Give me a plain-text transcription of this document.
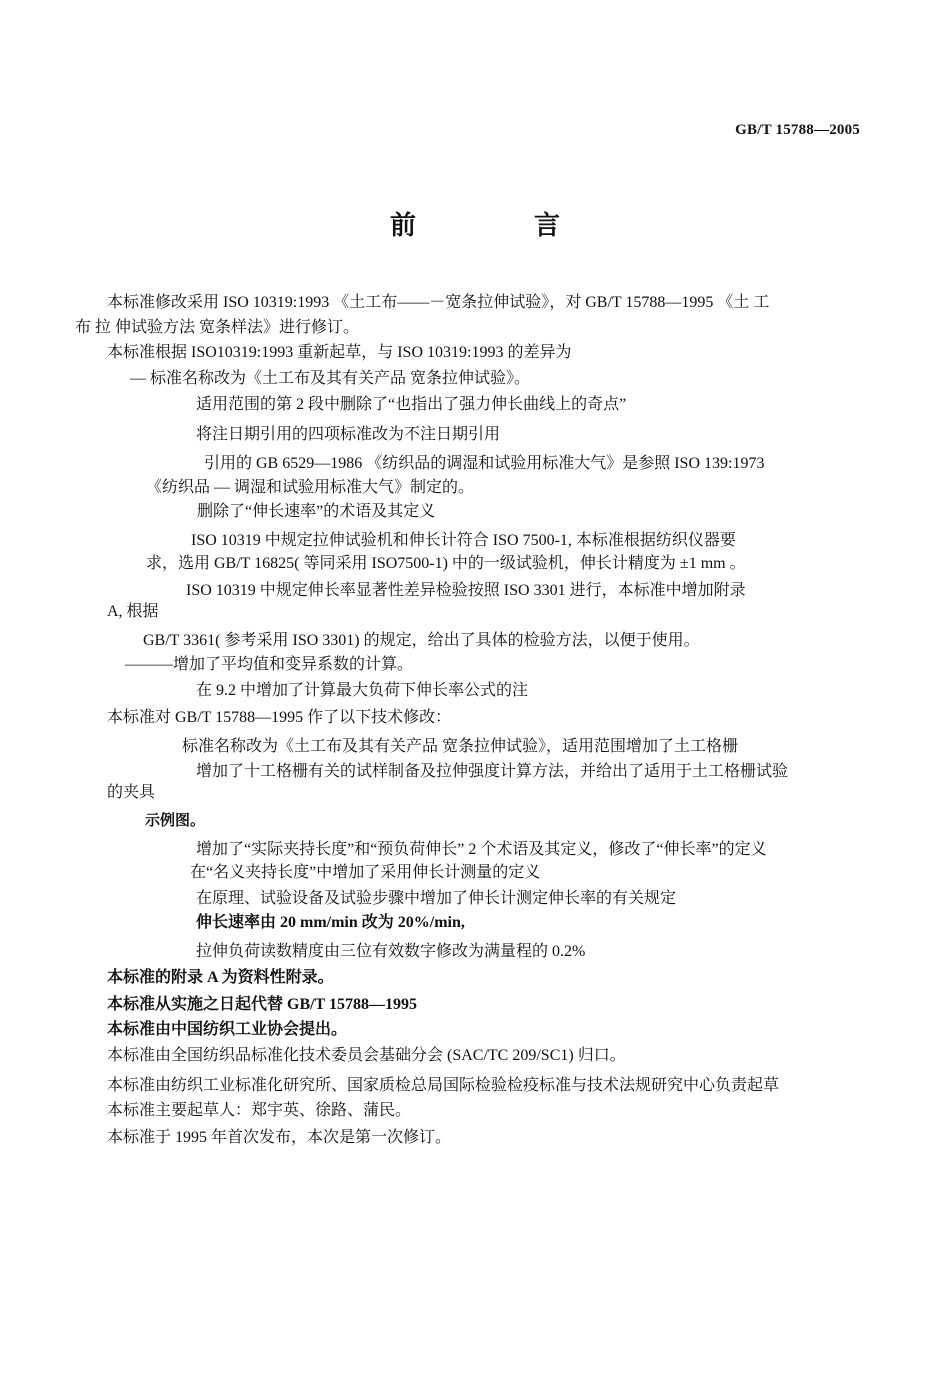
GB/T 15788—2005
前　言
本标准修改采用 ISO 10319:1993 《土工布——－宽条拉伸试验》，对 GB/T 15788—1995 《土 工
布 拉 伸试验方法 宽条样法》进行修订。
本标准根据 ISO10319:1993 重新起草，与 ISO 10319:1993 的差异为
— 标准名称改为《土工布及其有关产品 宽条拉伸试验》。
适用范围的第 2 段中删除了“也指出了强力伸长曲线上的奇点”
将注日期引用的四项标准改为不注日期引用
引用的 GB 6529—1986 《纺织品的调湿和试验用标准大气》是参照 ISO 139:1973
《纺织品 — 调湿和试验用标准大气》制定的。
删除了“伸长速率”的术语及其定义
ISO 10319 中规定拉伸试验机和伸长计符合 ISO 7500-1, 本标准根据纺织仪器要
求，选用 GB/T 16825( 等同采用 ISO7500-1) 中的一级试验机，伸长计精度为 ±1 mm 。
ISO 10319 中规定伸长率显著性差异检验按照 ISO 3301 进行，本标准中增加附录
A, 根据
GB/T 3361( 参考采用 ISO 3301) 的规定，给出了具体的检验方法，以便于使用。
———增加了平均值和变异系数的计算。
在 9.2 中增加了计算最大负荷下伸长率公式的注
本标准对 GB/T 15788—1995 作了以下技术修改：
标准名称改为《土工布及其有关产品 宽条拉伸试验》，适用范围增加了土工格栅
增加了十工格栅有关的试样制备及拉伸强度计算方法，并给出了适用于土工格栅试验
的夹具
示例图。
增加了“实际夹持长度”和“预负荷伸长” 2 个术语及其定义，修改了“伸长率”的定义
在“名义夹持长度”中增加了采用伸长计测量的定义
在原理、试验设备及试验步骤中增加了伸长计测定伸长率的有关规定
伸长速率由 20 mm/min 改为 20%/min,
拉伸负荷读数精度由三位有效数字修改为满量程的 0.2%
本标准的附录 A 为资料性附录。
本标准从实施之日起代替 GB/T 15788—1995
本标准由中国纺织工业协会提出。
本标准由全国纺织品标准化技术委员会基础分会 (SAC/TC 209/SC1) 归口。
本标准由纺织工业标准化研究所、国家质检总局国际检验检疫标准与技术法规研究中心负责起草
本标准主要起草人：郑宇英、徐路、蒲民。
本标准于 1995 年首次发布，本次是第一次修订。
